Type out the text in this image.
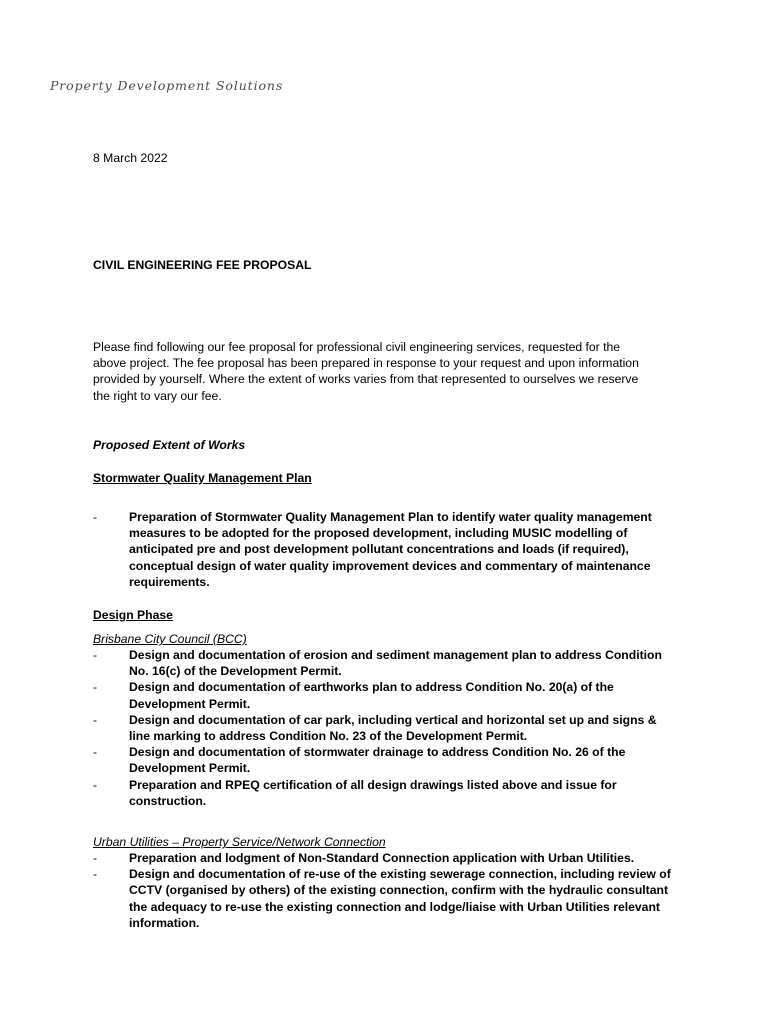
Property Development Solutions
8 March 2022
CIVIL ENGINEERING FEE PROPOSAL
Please find following our fee proposal for professional civil engineering services, requested for the above project. The fee proposal has been prepared in response to your request and upon information provided by yourself. Where the extent of works varies from that represented to ourselves we reserve the right to vary our fee.
Proposed Extent of Works
Stormwater Quality Management Plan
-	Preparation of Stormwater Quality Management Plan to identify water quality management measures to be adopted for the proposed development, including MUSIC modelling of anticipated pre and post development pollutant concentrations and loads (if required), conceptual design of water quality improvement devices and commentary of maintenance requirements.
Design Phase
Brisbane City Council (BCC)
-	Design and documentation of erosion and sediment management plan to address Condition No. 16(c) of the Development Permit.
-	Design and documentation of earthworks plan to address Condition No. 20(a) of the Development Permit.
-	Design and documentation of car park, including vertical and horizontal set up and signs & line marking to address Condition No. 23 of the Development Permit.
-	Design and documentation of stormwater drainage to address Condition No. 26 of the Development Permit.
-	Preparation and RPEQ certification of all design drawings listed above and issue for construction.
Urban Utilities – Property Service/Network Connection
-	Preparation and lodgment of Non-Standard Connection application with Urban Utilities.
-	Design and documentation of re-use of the existing sewerage connection, including review of CCTV (organised by others) of the existing connection, confirm with the hydraulic consultant the adequacy to re-use the existing connection and lodge/liaise with Urban Utilities relevant information.
